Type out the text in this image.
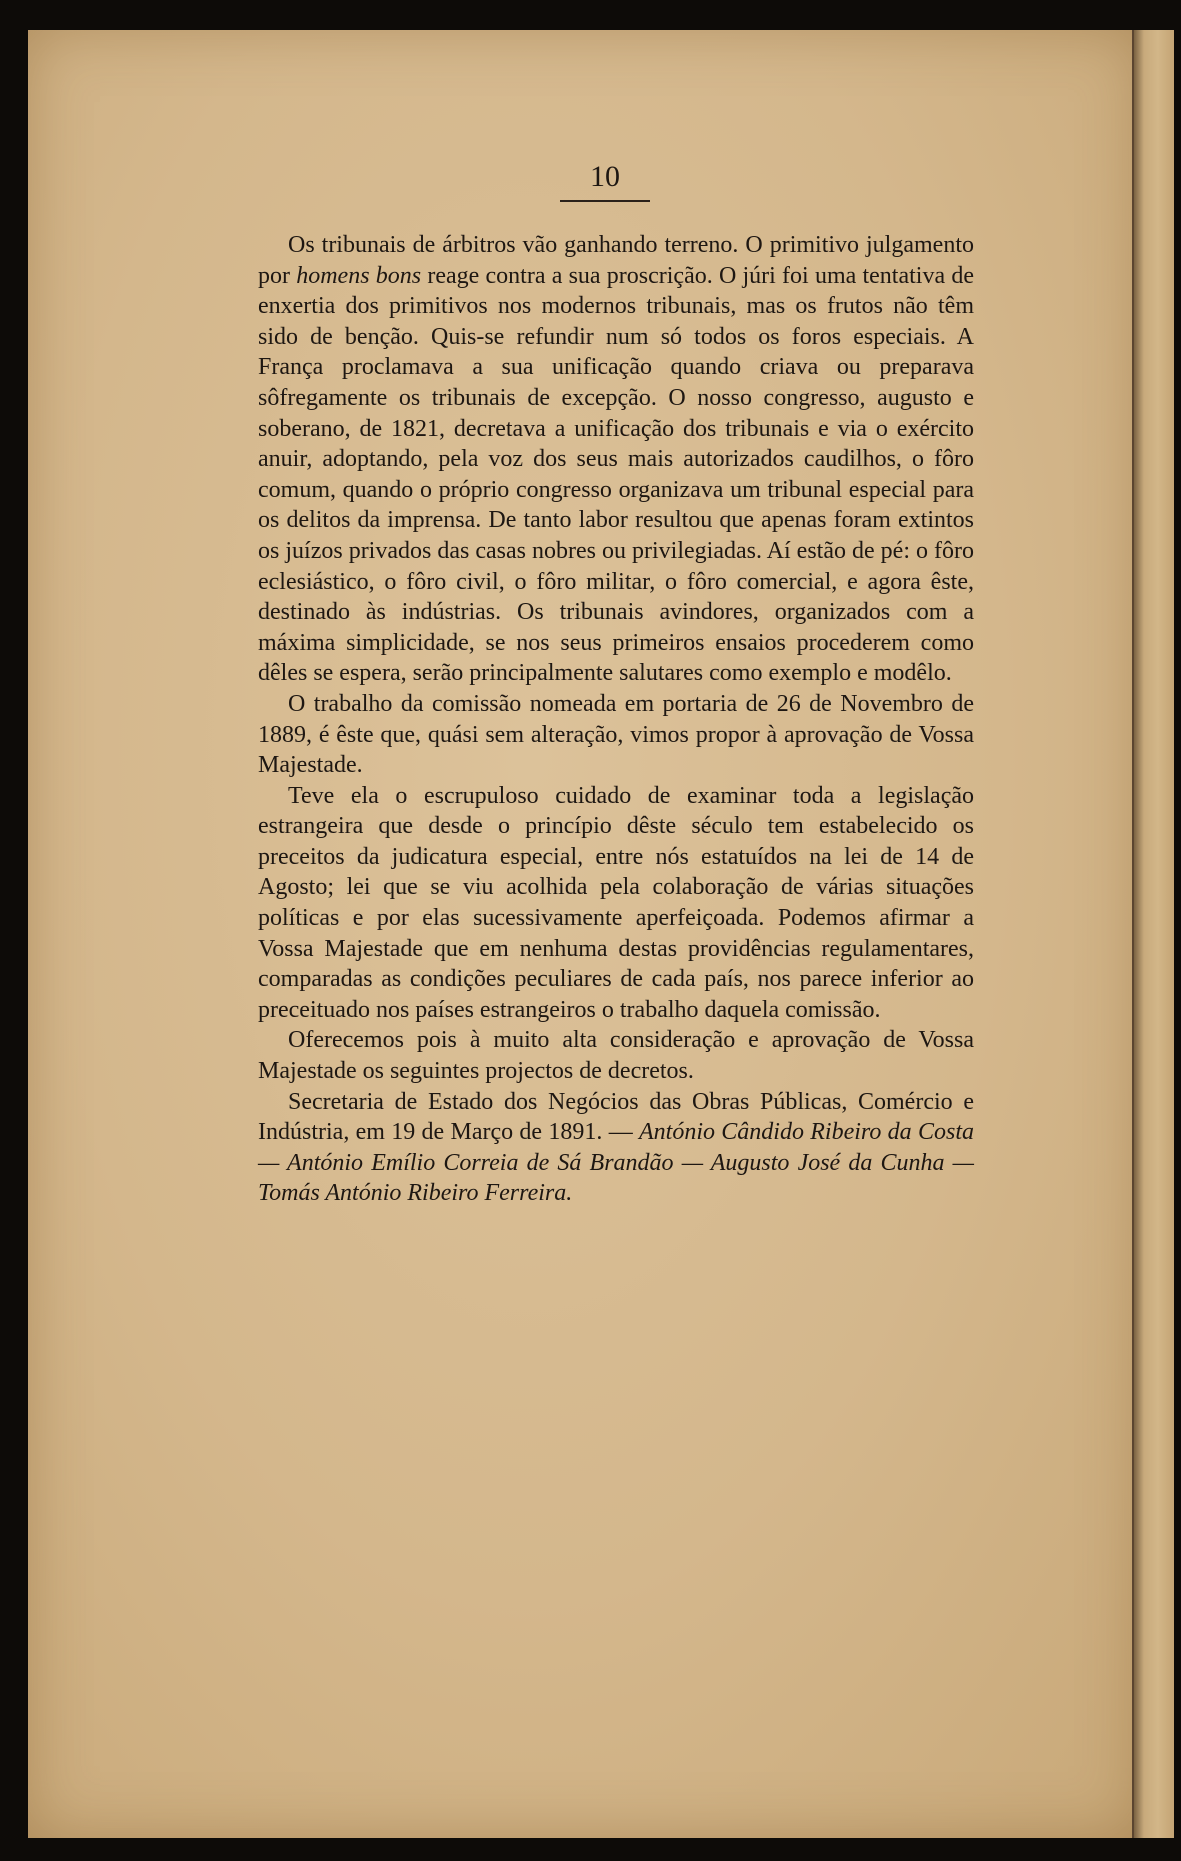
10

Os tribunais de árbitros vão ganhando terreno. O primitivo julgamento por homens bons reage contra a sua proscrição. O júri foi uma tentativa de enxertia dos primitivos nos modernos tribunais, mas os frutos não têm sido de benção. Quis-se refundir num só todos os foros especiais. A França proclamava a sua unificação quando criava ou preparava sôfregamente os tribunais de excepção. O nosso congresso, augusto e soberano, de 1821, decretava a unificação dos tribunais e via o exército anuir, adoptando, pela voz dos seus mais autorizados caudilhos, o fôro comum, quando o próprio congresso organizava um tribunal especial para os delitos da imprensa. De tanto labor resultou que apenas foram extintos os juízos privados das casas nobres ou privilegiadas. Aí estão de pé: o fôro eclesiástico, o fôro civil, o fôro militar, o fôro comercial, e agora êste, destinado às indústrias. Os tribunais avindores, organizados com a máxima simplicidade, se nos seus primeiros ensaios procederem como dêles se espera, serão principalmente salutares como exemplo e modêlo.

O trabalho da comissão nomeada em portaria de 26 de Novembro de 1889, é êste que, quási sem alteração, vimos propor à aprovação de Vossa Majestade.

Teve ela o escrupuloso cuidado de examinar toda a legislação estrangeira que desde o princípio dêste século tem estabelecido os preceitos da judicatura especial, entre nós estatuídos na lei de 14 de Agosto; lei que se viu acolhida pela colaboração de várias situações políticas e por elas sucessivamente aperfeiçoada. Podemos afirmar a Vossa Majestade que em nenhuma destas providências regulamentares, comparadas as condições peculiares de cada país, nos parece inferior ao preceituado nos países estrangeiros o trabalho daquela comissão.

Oferecemos pois à muito alta consideração e aprovação de Vossa Majestade os seguintes projectos de decretos.

Secretaria de Estado dos Negócios das Obras Públicas, Comércio e Indústria, em 19 de Março de 1891. — António Cândido Ribeiro da Costa — António Emílio Correia de Sá Brandão — Augusto José da Cunha — Tomás António Ribeiro Ferreira.
